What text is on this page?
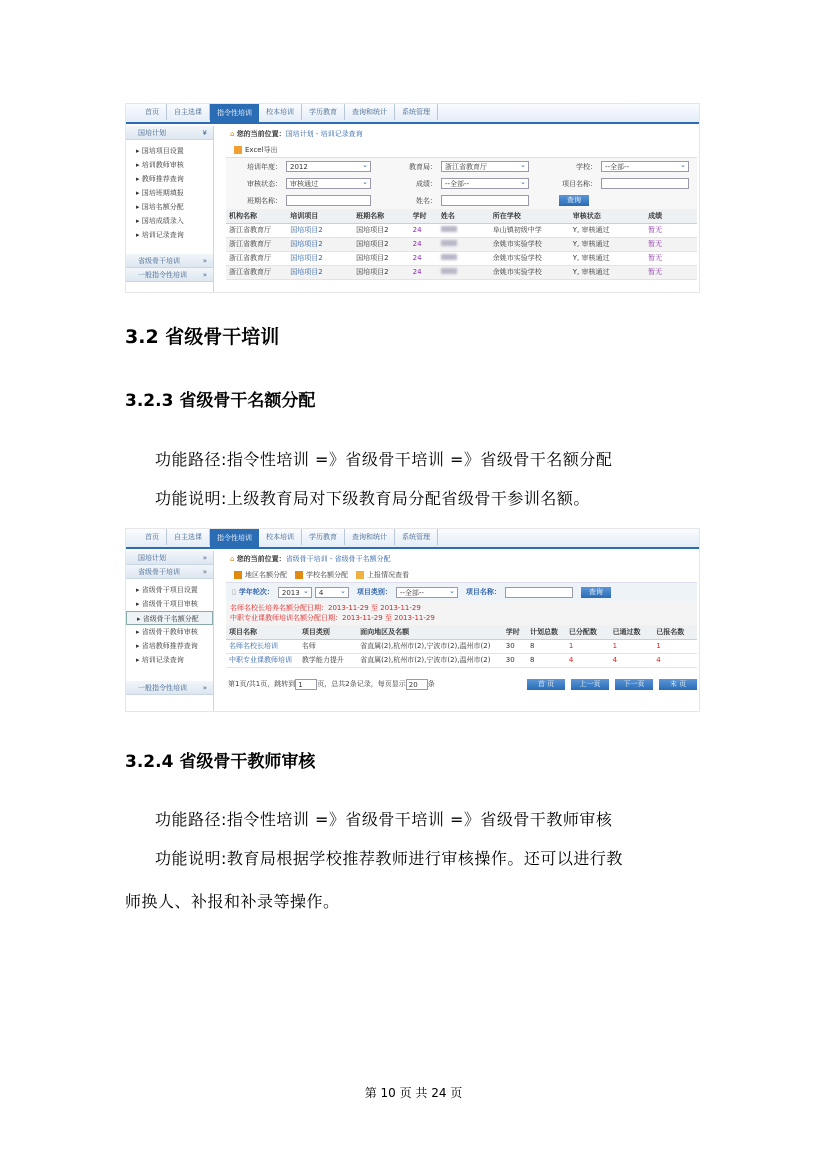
首页	自主选课	指令性培训	校本培训	学历教育	查询和统计	系统管理
国培计划	¥
▸ 国培项目设置
▸ 培训教师审核
▸ 教师推荐查询
▸ 国培班期填报
▸ 国培名额分配
▸ 国培成绩录入
▸ 培训记录查询
省级骨干培训	»
一般指令性培训 »
⌂ 您的当前位置：国培计划 - 培训记录查询
Excel导出
培训年度：	2012 ⌄	教育局：	浙江省教育厅 ⌄	学校：	--全部-- ⌄
审核状态：	审核通过 ⌄	成绩：	--全部-- ⌄	项目名称：
班期名称：	姓名：	查询
机构名称	培训项目	班期名称	学时	姓名	所在学校	审核状态	成绩
浙江省教育厅	国培项目2	国培项目2	24		阜山镇初级中学	Y, 审核通过	暂无
浙江省教育厅	国培项目2	国培项目2	24		余姚市实验学校	Y, 审核通过	暂无
浙江省教育厅	国培项目2	国培项目2	24		余姚市实验学校	Y, 审核通过	暂无
浙江省教育厅	国培项目2	国培项目2	24		余姚市实验学校	Y, 审核通过	暂无
3.2 省级骨干培训
3.2.3 省级骨干名额分配
功能路径:指令性培训 =》省级骨干培训 =》省级骨干名额分配
功能说明:上级教育局对下级教育局分配省级骨干参训名额。
首页	自主选课	指令性培训	校本培训	学历教育	查询和统计	系统管理
国培计划	»
省级骨干培训	»
▸ 省级骨干项目设置
▸ 省级骨干项目审核
▸ 省级骨干名额分配
▸ 省级骨干教师审核
▸ 省培教师推荐查询
▸ 培训记录查询
一般指令性培训 »
⌂ 您的当前位置：省级骨干培训 - 省级骨干名额分配
地区名额分配	学校名额分配	上报情况查看
▯ 学年轮次：	2013 ⌄	4 ⌄	项目类别：	--全部-- ⌄	项目名称：	查询
名师名校长培养名额分配日期：2013-11-29 至 2013-11-29
中职专业课教师培训名额分配日期：2013-11-29 至 2013-11-29
项目名称	项目类别	面向地区及名额	学时	计划总数	已分配数	已通过数	已报名数
名师名校长培训	名师	省直属(2),杭州市(2),宁波市(2),温州市(2)	30	8	1	1	1
中职专业课教师培训	教学能力提升	省直属(2),杭州市(2),宁波市(2),温州市(2)	30	8	4	4	4
第1页/共1页，跳转到 1	页，总共2条记录，每页显示 20	条	首 页	上一页	下一页	末 页
3.2.4 省级骨干教师审核
功能路径:指令性培训 =》省级骨干培训 =》省级骨干教师审核
功能说明:教育局根据学校推荐教师进行审核操作。还可以进行教
师换人、补报和补录等操作。
第 10 页 共 24 页
